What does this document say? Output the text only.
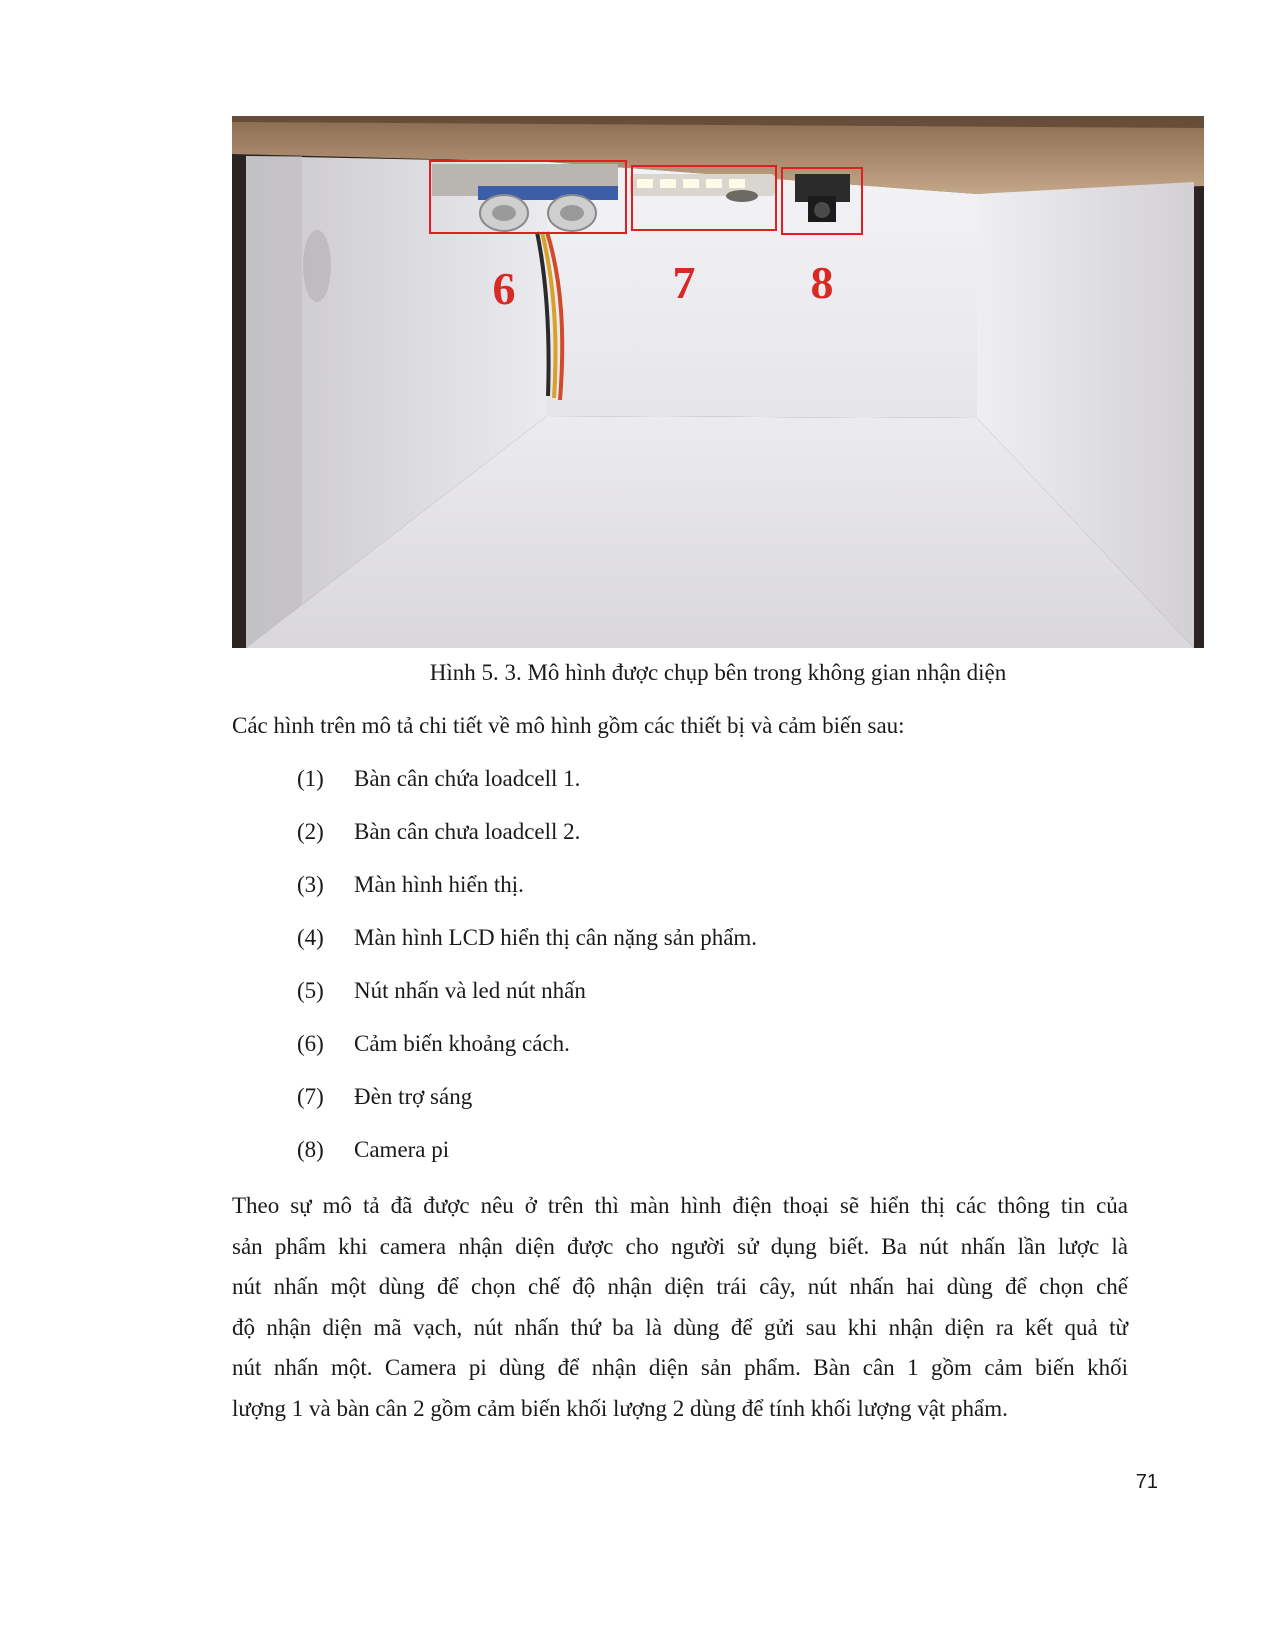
6	7	8
Hình 5. 3. Mô hình được chụp bên trong không gian nhận diện
Các hình trên mô tả chi tiết về mô hình gồm các thiết bị và cảm biến sau:
(1)	Bàn cân chứa loadcell 1.
(2)	Bàn cân chưa loadcell 2.
(3)	Màn hình hiển thị.
(4)	Màn hình LCD hiển thị cân nặng sản phẩm.
(5)	Nút nhấn và led nút nhấn
(6)	Cảm biến khoảng cách.
(7)	Đèn trợ sáng
(8)	Camera pi

Theo sự mô tả đã được nêu ở trên thì màn hình điện thoại sẽ hiển thị các thông tin của
sản phẩm khi camera nhận diện được cho người sử dụng biết. Ba nút nhấn lần lược là
nút nhấn một dùng để chọn chế độ nhận diện trái cây, nút nhấn hai dùng để chọn chế
độ nhận diện mã vạch, nút nhấn thứ ba là dùng để gửi sau khi nhận diện ra kết quả từ
nút nhấn một. Camera pi dùng để nhận diện sản phẩm. Bàn cân 1 gồm cảm biến khối
lượng 1 và bàn cân 2 gồm cảm biến khối lượng 2 dùng để tính khối lượng vật phẩm.

71
